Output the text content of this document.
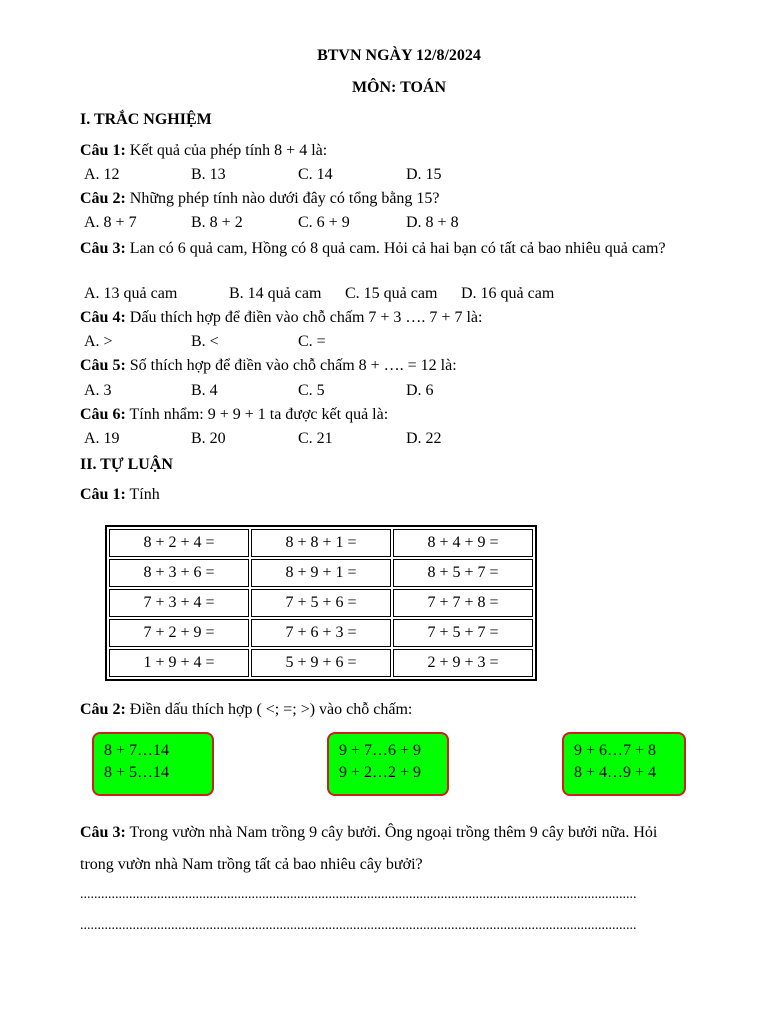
BTVN NGÀY 12/8/2024
MÔN: TOÁN
I. TRẮC NGHIỆM
Câu 1: Kết quả của phép tính 8 + 4 là:
A. 12	B. 13	C. 14	D. 15
Câu 2: Những phép tính nào dưới đây có tổng bằng 15?
A. 8 + 7	B. 8 + 2	C. 6 + 9	D. 8 + 8
Câu 3: Lan có 6 quả cam, Hồng có 8 quả cam. Hỏi cả hai bạn có tất cả bao nhiêu quả cam?
A. 13 quả cam	B. 14 quả cam C. 15 quả cam D. 16 quả cam
Câu 4: Dấu thích hợp để điền vào chỗ chấm 7 + 3 …. 7 + 7 là:
A. >	B. <	C. =
Câu 5: Số thích hợp để điền vào chỗ chấm 8 + …. = 12 là:
A. 3	B. 4	C. 5	D. 6
Câu 6: Tính nhẩm: 9 + 9 + 1 ta được kết quả là:
A. 19	B. 20	C. 21	D. 22
II. TỰ LUẬN
Câu 1: Tính
8 + 2 + 4 =	8 + 8 + 1 =	8 + 4 + 9 =
8 + 3 + 6 =	8 + 9 + 1 =	8 + 5 + 7 =
7 + 3 + 4 =	7 + 5 + 6 =	7 + 7 + 8 =
7 + 2 + 9 =	7 + 6 + 3 =	7 + 5 + 7 =
1 + 9 + 4 =	5 + 9 + 6 =	2 + 9 + 3 =
Câu 2: Điền dấu thích hợp ( <; =; >) vào chỗ chấm:
8 + 7…14
8 + 5…14
9 + 7…6 + 9
9 + 2…2 + 9
9 + 6…7 + 8
8 + 4…9 + 4
Câu 3: Trong vườn nhà Nam trồng 9 cây bưởi. Ông ngoại trồng thêm 9 cây bưởi nữa. Hỏi
trong vườn nhà Nam trồng tất cả bao nhiêu cây bưởi?
...............................................................................................................................................................
...............................................................................................................................................................
